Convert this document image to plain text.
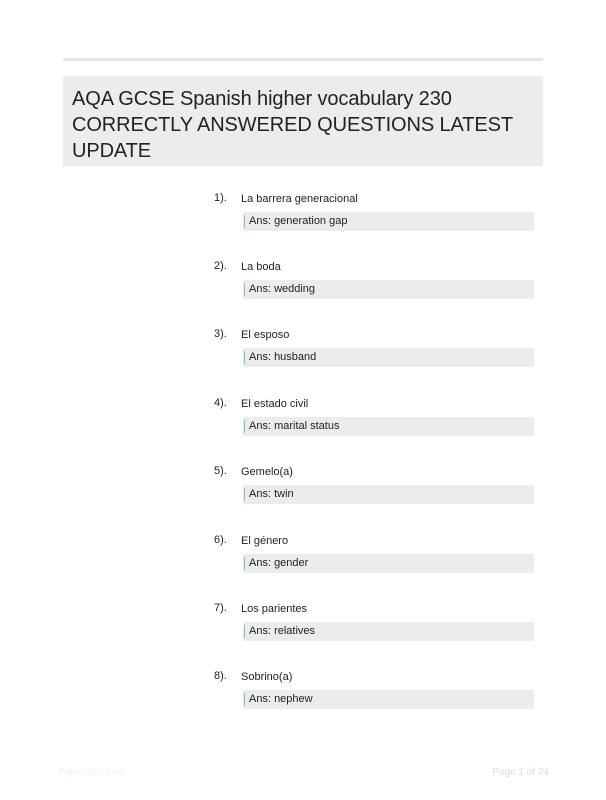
AQA GCSE Spanish higher vocabulary 230 CORRECTLY ANSWERED QUESTIONS LATEST UPDATE
1). La barrera generacional
Ans: generation gap
2). La boda
Ans: wedding
3). El esposo
Ans: husband
4). El estado civil
Ans: marital status
5). Gemelo(a)
Ans: twin
6). El género
Ans: gender
7). Los parientes
Ans: relatives
8). Sobrino(a)
Ans: nephew
Paperbtbc.com	Page 1 of 24
